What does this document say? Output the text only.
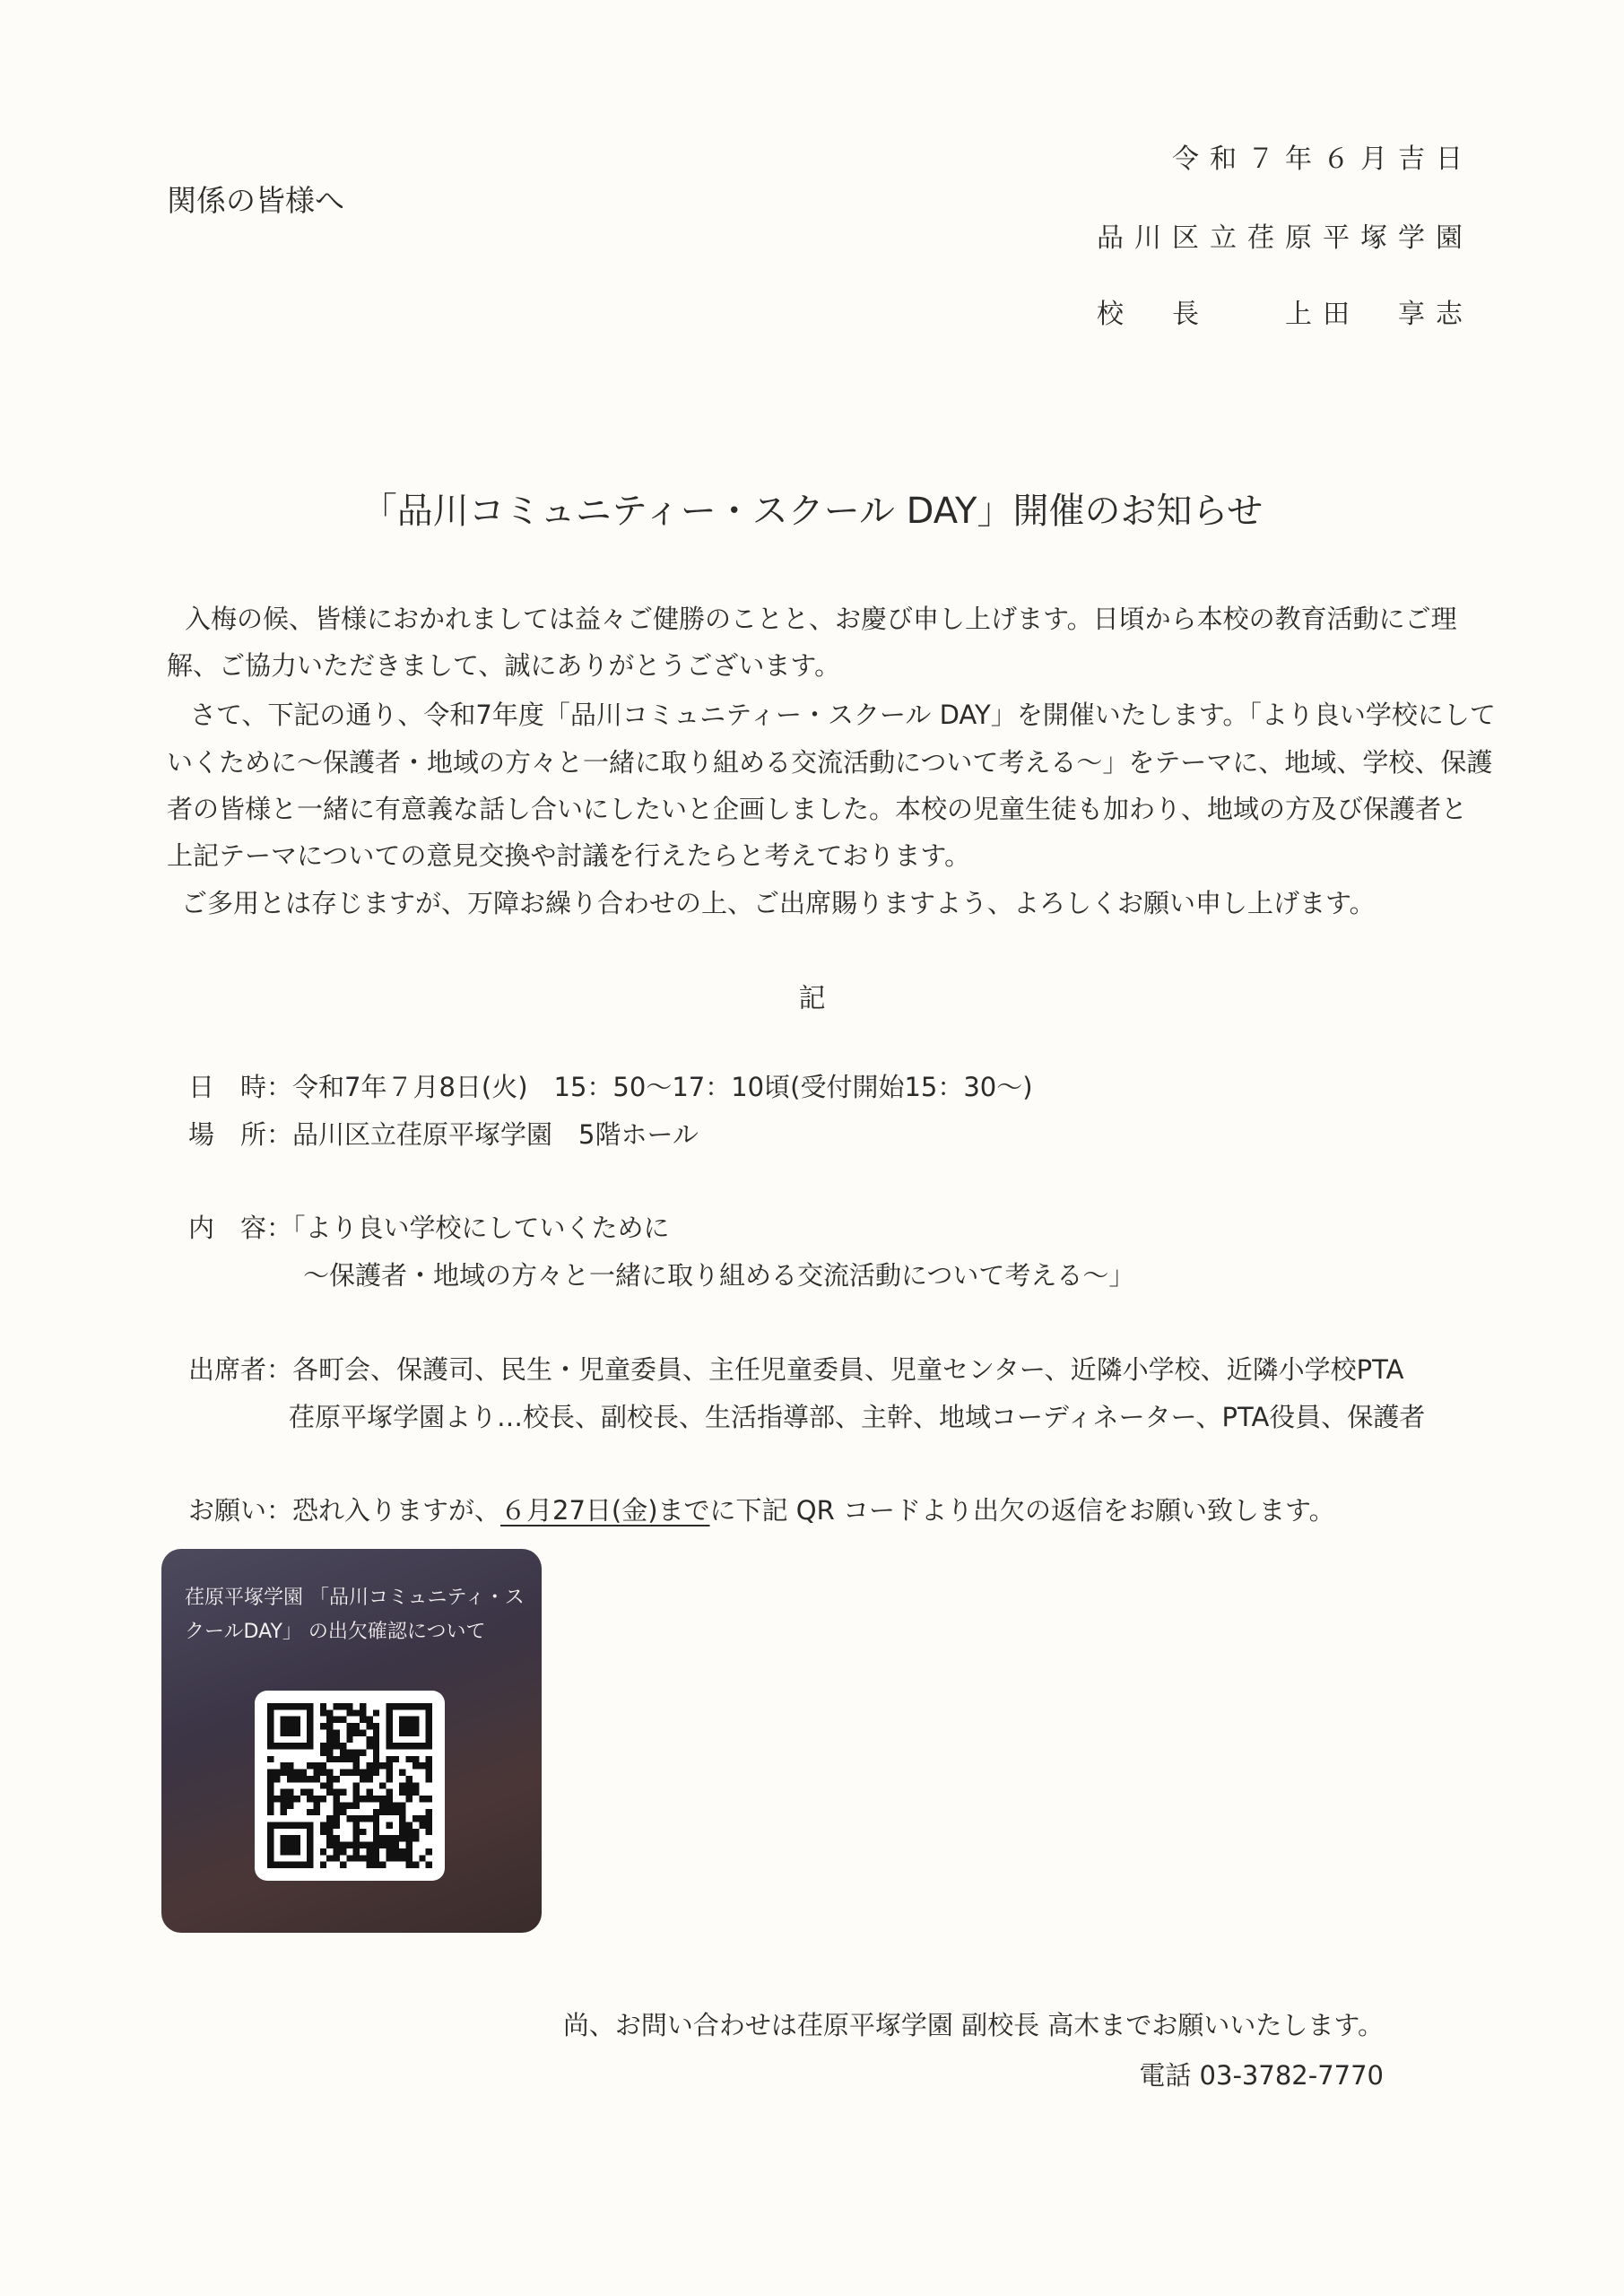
関係の皆様へ
令和７年６月吉日
品川区立荏原平塚学園
校　長　　上田　享志
「品川コミュニティー・スクール DAY」開催のお知らせ
入梅の候、皆様におかれましては益々ご健勝のことと、お慶び申し上げます。日頃から本校の教育活動にご理
解、ご協力いただきまして、誠にありがとうございます。
さて、下記の通り、令和7年度「品川コミュニティー・スクール DAY」を開催いたします。「より良い学校にして
いくために～保護者・地域の方々と一緒に取り組める交流活動について考える～」をテーマに、地域、学校、保護
者の皆様と一緒に有意義な話し合いにしたいと企画しました。本校の児童生徒も加わり、地域の方及び保護者と
上記テーマについての意見交換や討議を行えたらと考えております。
ご多用とは存じますが、万障お繰り合わせの上、ご出席賜りますよう、よろしくお願い申し上げます。
記
日　時：令和7年７月8日(火)　15：50～17：10頃(受付開始15：30～)
場　所：品川区立荏原平塚学園　5階ホール
内　容：「より良い学校にしていくために
～保護者・地域の方々と一緒に取り組める交流活動について考える～」
出席者：各町会、保護司、民生・児童委員、主任児童委員、児童センター、近隣小学校、近隣小学校PTA
荏原平塚学園より…校長、副校長、生活指導部、主幹、地域コーディネーター、PTA役員、保護者
お願い：恐れ入りますが、６月27日(金)までに下記 QR コードより出欠の返信をお願い致します。
荏原平塚学園 「品川コミュニティ・スクールDAY」 の出欠確認について
尚、お問い合わせは荏原平塚学園 副校長 高木までお願いいたします。
電話 03-3782-7770
